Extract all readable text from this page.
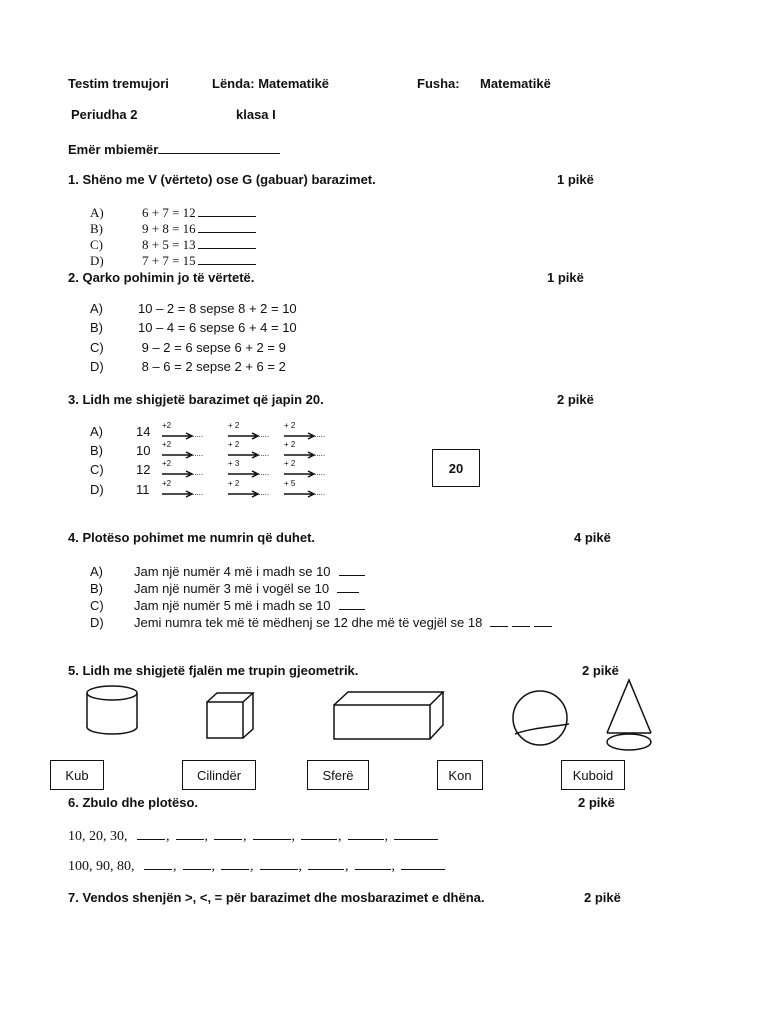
Testim tremujori	Lënda: Matematikë	Fusha: Matematikë
Periudha 2	klasa I
Emër mbiemër
1. Shëno me V (vërteto) ose G (gabuar) barazimet.	1 pikë
A)	6 + 7 = 12
B)	9 + 8 = 16
C)	8 + 5 = 13
D)	7 + 7 = 15
2. Qarko pohimin jo të vërtetë.	1 pikë
A)	10 – 2 = 8 sepse 8 + 2 = 10
B)	10 – 4 = 6 sepse 6 + 4 = 10
C)	9 – 2 = 6 sepse 6 + 2 = 9
D)	8 – 6 = 2 sepse 2 + 6 = 2
3. Lidh me shigjetë barazimet që japin 20.	2 pikë
A)	14 +2
.....
+ 2
.....
+ 2
.....
B)	10 +2
.....
+ 2
.....
+ 2
.....
C) 12 +2
.....
+ 3
.....
+ 2
.....
D) 11 +2
.....
+ 2
.....
+ 5
.....
20
4. Plotëso pohimet me numrin që duhet.	4 pikë
A) Jam një numër 4 më i madh se 10
B) Jam një numër 3 më i vogël se 10
C) Jam një numër 5 më i madh se 10
D) Jemi numra tek më të mëdhenj se 12 dhe më të vegjël se 18
5. Lidh me shigjetë fjalën me trupin gjeometrik.	2 pikë
Kub	Cilindër	Sferë	Kon	Kuboid
6. Zbulo dhe plotëso.	2 pikë
10, 20, 30,	,	,	,	,	,	,
100, 90, 80,	,	,	,	,	,	,
7. Vendos shenjën >, <, = për barazimet dhe mosbarazimet e dhëna.	2 pikë
